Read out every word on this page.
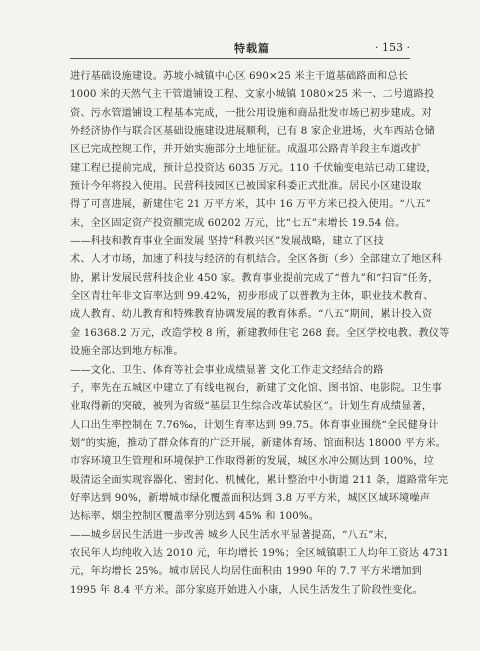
特载篇	· 153 ·
进行基础设施建设。苏坡小城镇中心区 690×25 米主干道基础路面和总长
1000 米的天然气主干管道铺设工程、文家小城镇 1080×25 米一、二号道路投
资、污水管道铺设工程基本完成，一批公用设施和商品批发市场已初步建成。对
外经济协作与联合区基础设施建设进展顺利，已有 8 家企业进场，火车西站仓储
区已完成控规工作，并开始实施部分土地征征。成温邛公路青羊段主车道改扩
建工程已提前完成，预计总投资达 6035 万元。110 千伏输变电站已动工建设，
预计今年将投入使用。民营科技园区已被国家科委正式批准。居民小区建设取
得了可喜进展，新建住宅 21 万平方米，其中 16 万平方米已投入使用。“八五”
末，全区固定资产投资额完成 60202 万元，比“七五”末增长 19.54 倍。
——科技和教育事业全面发展 坚持“科教兴区”发展战略，建立了区技
术、人才市场，加速了科技与经济的有机结合。全区各街（乡）全部建立了地区科
协，累计发展民营科技企业 450 家。教育事业提前完成了“普九”和“扫盲”任务，
全区青壮年非文盲率达到 99.42%，初步形成了以普教为主体，职业技术教育、
成人教育、幼儿教育和特殊教育协调发展的教育体系。“八五”期间，累计投入资
金 16368.2 万元，改造学校 8 所，新建教师住宅 268 套。全区学校电教、教仪等
设施全部达到地方标准。
——文化、卫生、体育等社会事业成绩显著 文化工作走文经结合的路
子，率先在五城区中建立了有线电视台，新建了文化馆、图书馆、电影院。卫生事
业取得新的突破，被列为省级“基层卫生综合改革试验区”。计划生育成绩显著，
人口出生率控制在 7.76‰，计划生育率达到 99.75。体育事业围绕“全民健身计
划”的实施，推动了群众体育的广泛开展，新建体育场、馆面积达 18000 平方米。
市容环境卫生管理和环境保护工作取得新的发展，城区水冲公厕达到 100%，垃
圾清运全面实现容器化、密封化、机械化，累计整治中小街道 211 条，道路常年完
好率达到 90%，新增城市绿化覆盖面积达到 3.8 万平方米，城区区域环境噪声
达标率、烟尘控制区覆盖率分别达到 45% 和 100%。
——城乡居民生活进一步改善 城乡人民生活水平显著提高，“八五”末，
农民年人均纯收入达 2010 元，年均增长 19%；全区城镇职工人均年工资达 4731
元，年均增长 25%。城市居民人均居住面积由 1990 年的 7.7 平方米增加到
1995 年 8.4 平方米。部分家庭开始进入小康，人民生活发生了阶段性变化。
